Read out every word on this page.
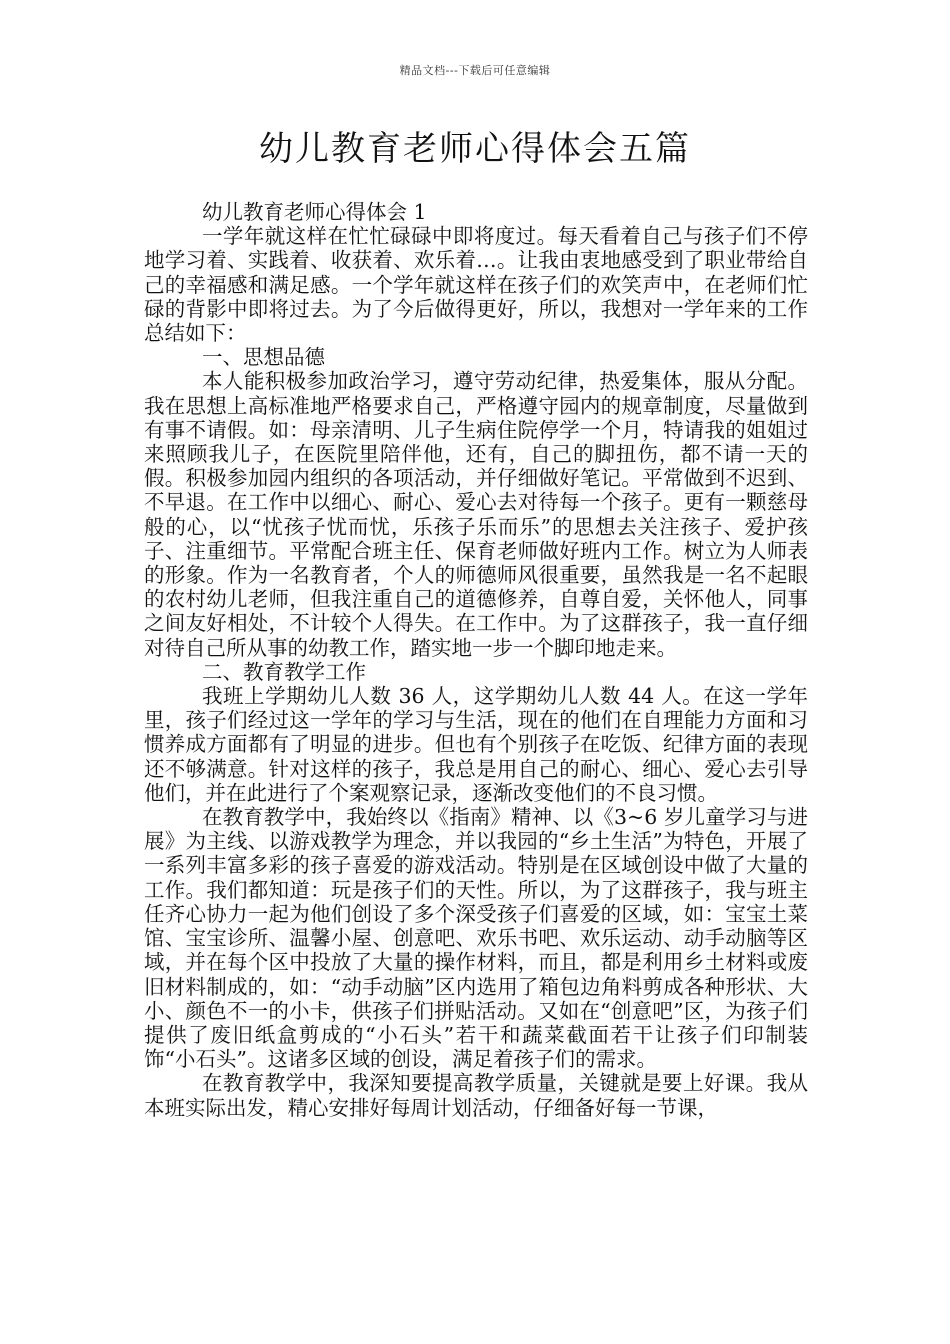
精品文档---下载后可任意编辑
幼儿教育老师心得体会五篇

幼儿教育老师心得体会 1

一学年就这样在忙忙碌碌中即将度过。每天看着自己与孩子们不停地学习着、实践着、收获着、欢乐着…。让我由衷地感受到了职业带给自己的幸福感和满足感。一个学年就这样在孩子们的欢笑声中，在老师们忙碌的背影中即将过去。为了今后做得更好，所以，我想对一学年来的工作总结如下：

一、思想品德

本人能积极参加政治学习，遵守劳动纪律，热爱集体，服从分配。我在思想上高标准地严格要求自己，严格遵守园内的规章制度，尽量做到有事不请假。如：母亲清明、儿子生病住院停学一个月，特请我的姐姐过来照顾我儿子，在医院里陪伴他，还有，自己的脚扭伤，都不请一天的假。积极参加园内组织的各项活动，并仔细做好笔记。平常做到不迟到、不早退。在工作中以细心、耐心、爱心去对待每一个孩子。更有一颗慈母般的心，以“忧孩子忧而忧，乐孩子乐而乐”的思想去关注孩子、爱护孩子、注重细节。平常配合班主任、保育老师做好班内工作。树立为人师表的形象。作为一名教育者，个人的师德师风很重要，虽然我是一名不起眼的农村幼儿老师，但我注重自己的道德修养，自尊自爱，关怀他人，同事之间友好相处，不计较个人得失。在工作中。为了这群孩子，我一直仔细对待自己所从事的幼教工作，踏实地一步一个脚印地走来。

二、教育教学工作

我班上学期幼儿人数 36 人，这学期幼儿人数 44 人。在这一学年里，孩子们经过这一学年的学习与生活，现在的他们在自理能力方面和习惯养成方面都有了明显的进步。但也有个别孩子在吃饭、纪律方面的表现还不够满意。针对这样的孩子，我总是用自己的耐心、细心、爱心去引导他们，并在此进行了个案观察记录，逐渐改变他们的不良习惯。

在教育教学中，我始终以《指南》精神、以《3~6 岁儿童学习与进展》为主线、以游戏教学为理念，并以我园的“乡土生活”为特色，开展了一系列丰富多彩的孩子喜爱的游戏活动。特别是在区域创设中做了大量的工作。我们都知道：玩是孩子们的天性。所以，为了这群孩子，我与班主任齐心协力一起为他们创设了多个深受孩子们喜爱的区域，如：宝宝土菜馆、宝宝诊所、温馨小屋、创意吧、欢乐书吧、欢乐运动、动手动脑等区域，并在每个区中投放了大量的操作材料，而且，都是利用乡土材料或废旧材料制成的，如：“动手动脑”区内选用了箱包边角料剪成各种形状、大小、颜色不一的小卡，供孩子们拼贴活动。又如在“创意吧”区，为孩子们提供了废旧纸盒剪成的“小石头”若干和蔬菜截面若干让孩子们印制装饰“小石头”。这诸多区域的创设，满足着孩子们的需求。

在教育教学中，我深知要提高教学质量，关键就是要上好课。我从本班实际出发，精心安排好每周计划活动，仔细备好每一节课，
